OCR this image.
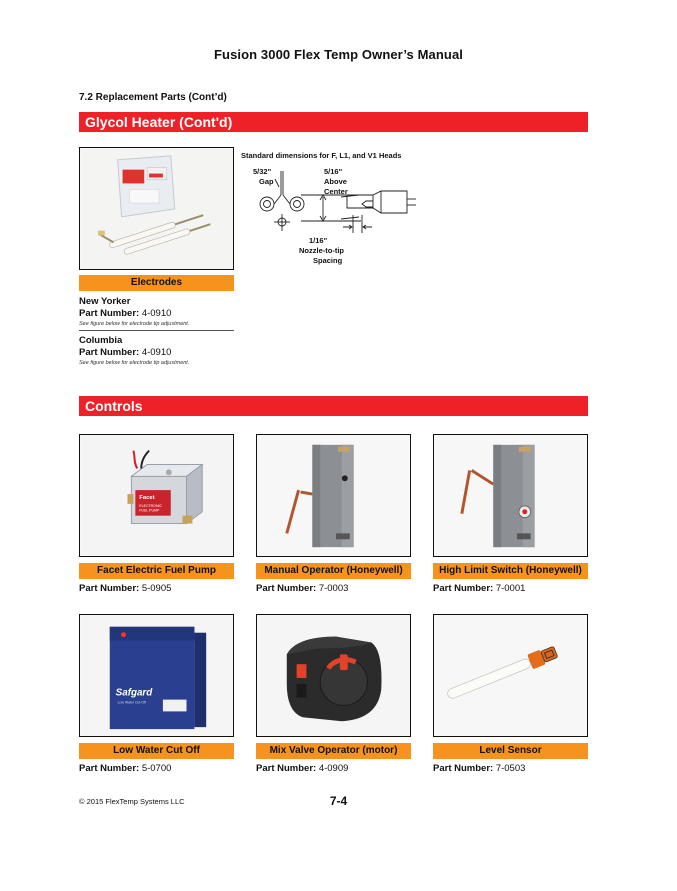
Fusion 3000 Flex Temp Owner’s Manual
7.2 Replacement Parts (Cont’d)
Glycol Heater (Cont'd)
Electrodes
New Yorker
Part Number: 4-0910
See figure below for electrode tip adjustment.
Columbia
Part Number: 4-0910
See figure below for electrode tip adjustment.
Standard dimensions for F, L1, and V1 Heads
5/32"
Gap
5/16"
Above
Center
1/16"
Nozzle-to-tip
Spacing
Controls
Facet
ELECTRONIC
FUEL PUMP
Facet Electric Fuel Pump	Manual Operator (Honeywell)	High Limit Switch (Honeywell)
Part Number: 5-0905	Part Number: 7-0003	Part Number: 7-0001
Safgard
Low Water Cut-Off
Low Water Cut Off	Mix Valve Operator (motor)	Level Sensor
Part Number: 5-0700	Part Number: 4-0909	Part Number: 7-0503
© 2015 FlexTemp Systems LLC	7-4
